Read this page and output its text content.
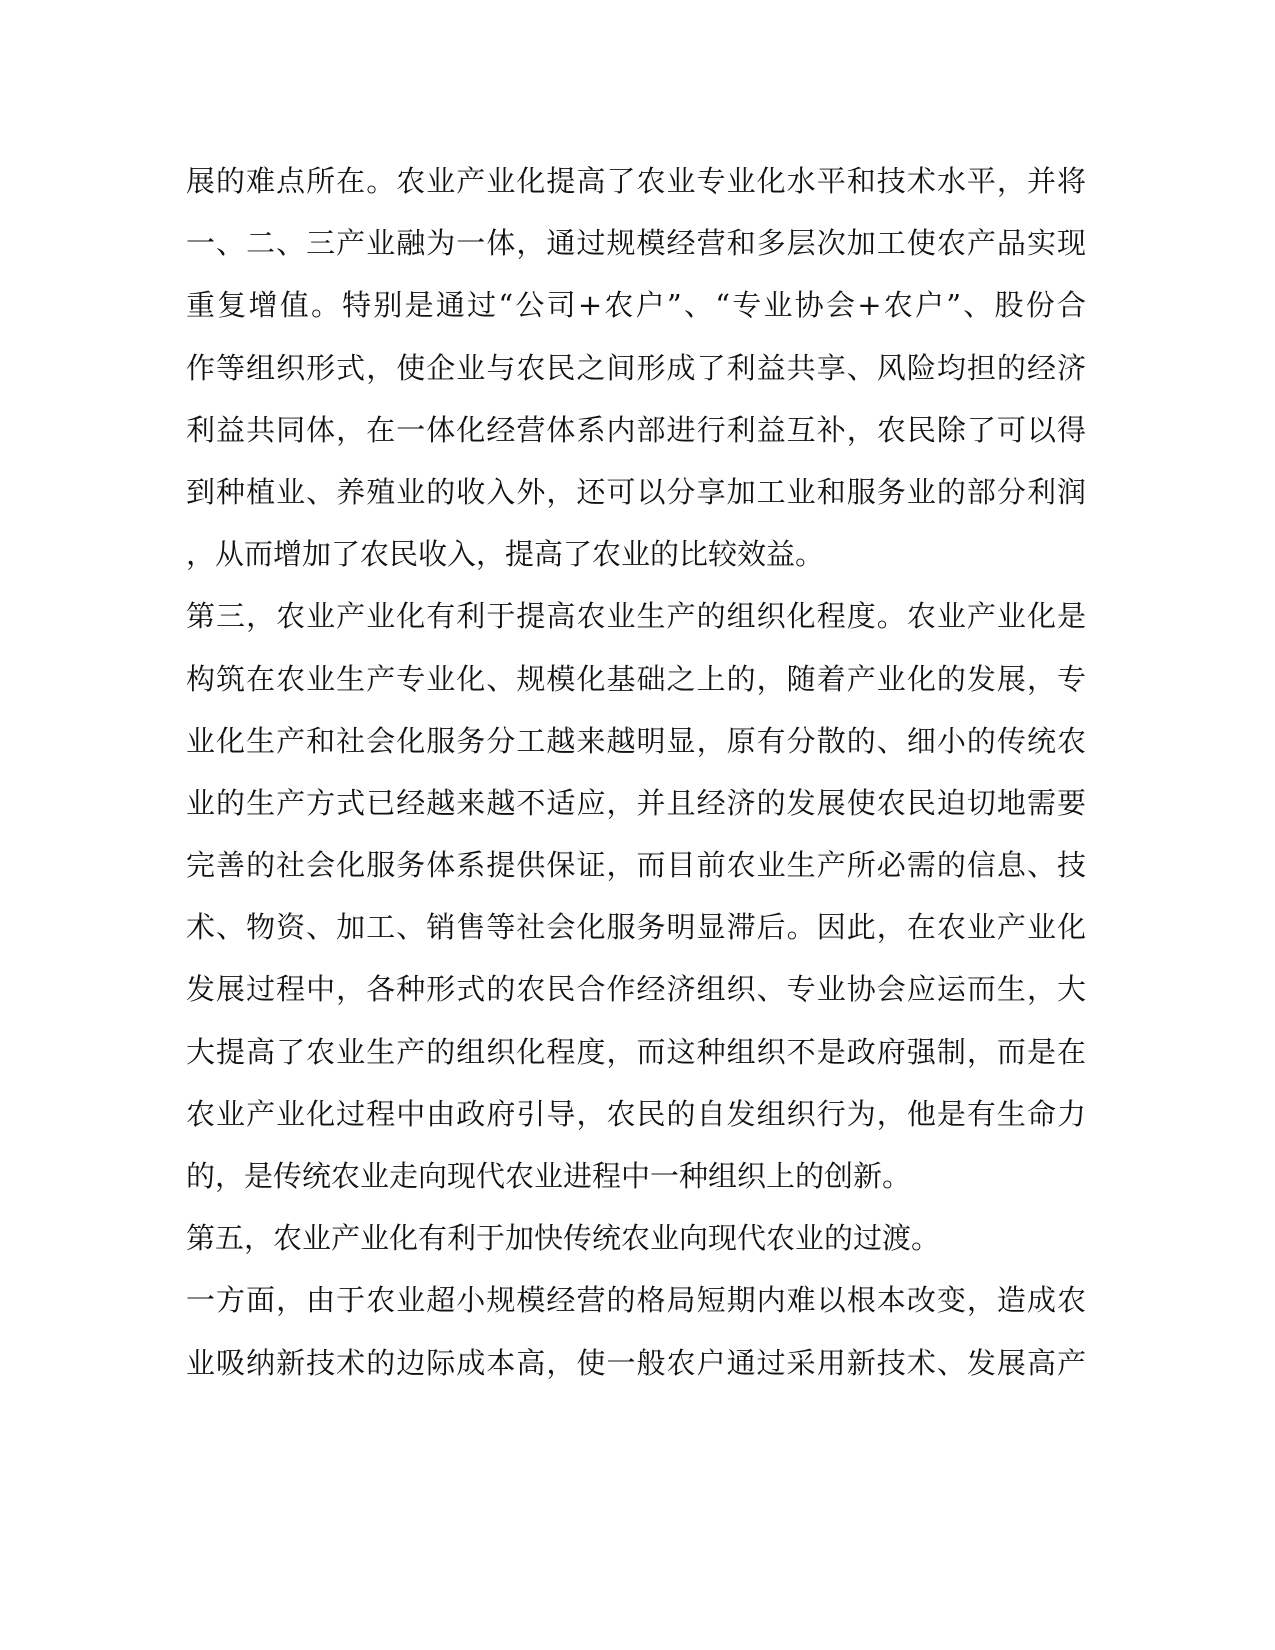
展的难点所在。农业产业化提高了农业专业化水平和技术水平，并将
一、二、三产业融为一体，通过规模经营和多层次加工使农产品实现
重复增值。特别是通过“公司+农户”、“专业协会+农户”、股份合
作等组织形式，使企业与农民之间形成了利益共享、风险均担的经济
利益共同体，在一体化经营体系内部进行利益互补，农民除了可以得
到种植业、养殖业的收入外，还可以分享加工业和服务业的部分利润
，从而增加了农民收入，提高了农业的比较效益。
第三，农业产业化有利于提高农业生产的组织化程度。农业产业化是
构筑在农业生产专业化、规模化基础之上的，随着产业化的发展，专
业化生产和社会化服务分工越来越明显，原有分散的、细小的传统农
业的生产方式已经越来越不适应，并且经济的发展使农民迫切地需要
完善的社会化服务体系提供保证，而目前农业生产所必需的信息、技
术、物资、加工、销售等社会化服务明显滞后。因此，在农业产业化
发展过程中，各种形式的农民合作经济组织、专业协会应运而生，大
大提高了农业生产的组织化程度，而这种组织不是政府强制，而是在
农业产业化过程中由政府引导，农民的自发组织行为，他是有生命力
的，是传统农业走向现代农业进程中一种组织上的创新。
第五，农业产业化有利于加快传统农业向现代农业的过渡。
一方面，由于农业超小规模经营的格局短期内难以根本改变，造成农
业吸纳新技术的边际成本高，使一般农户通过采用新技术、发展高产
